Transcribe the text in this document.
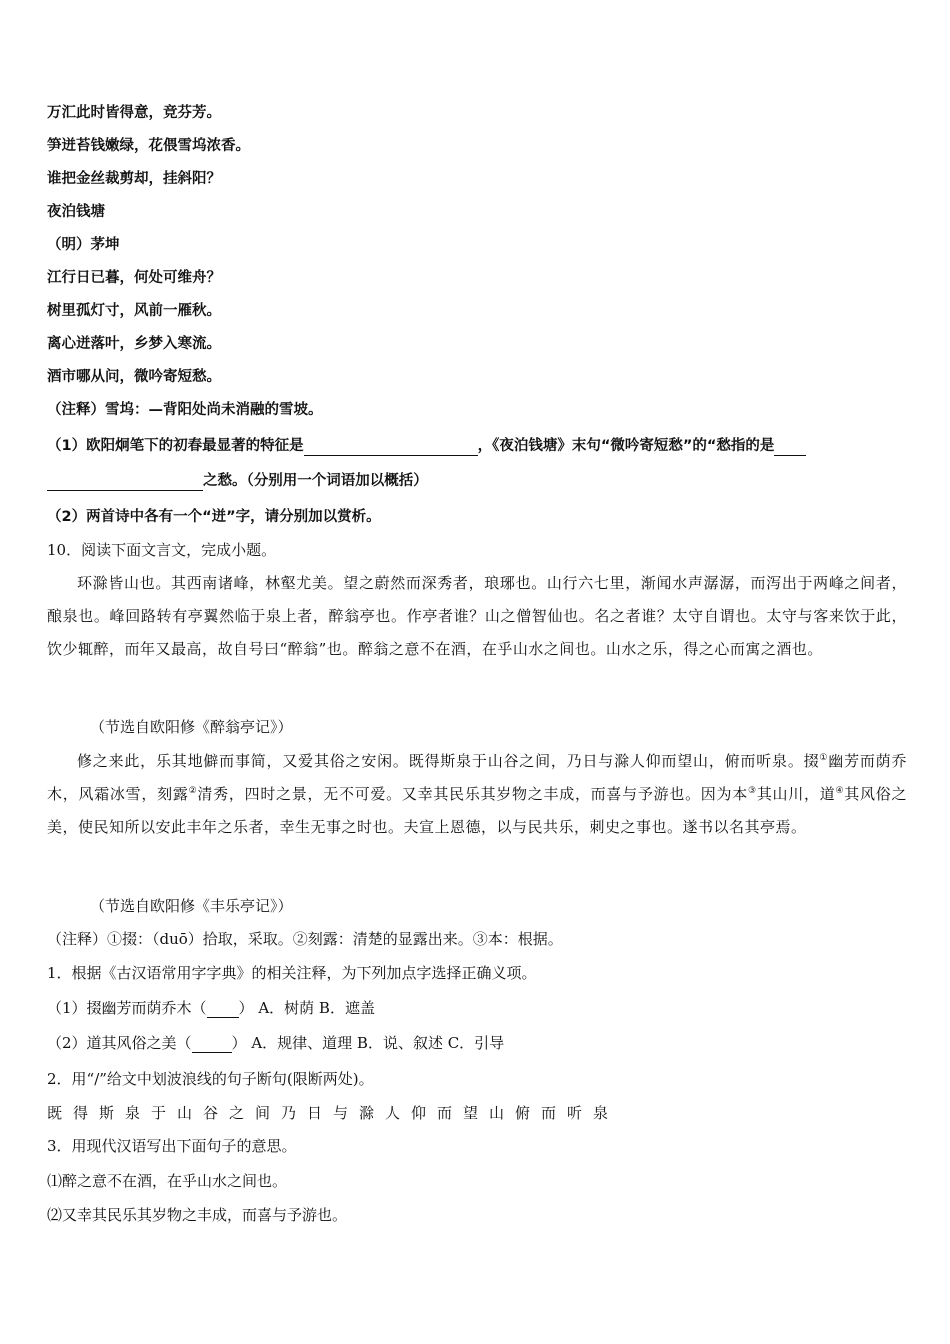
万汇此时皆得意，竞芬芳。
笋迸苔钱嫩绿，花偎雪坞浓香。
谁把金丝裁剪却，挂斜阳？
夜泊钱塘
（明）茅坤
江行日已暮，何处可维舟？
树里孤灯寸，风前一雁秋。
离心迸落叶，乡梦入寒流。
酒市哪从问，微吟寄短愁。
（注释）雪坞：—背阳处尚未消融的雪坡。
（1）欧阳炯笔下的初春最显著的特征是	，《夜泊钱塘》末句“微吟寄短愁”的“愁指的是
之愁。（分别用一个词语加以概括）
（2）两首诗中各有一个“迸”字，请分别加以赏析。
10．阅读下面文言文，完成小题。
环滁皆山也。其西南诸峰，林壑尤美。望之蔚然而深秀者，琅琊也。山行六七里，渐闻水声潺潺，而泻出于两峰之间者，酿泉也。峰回路转有亭翼然临于泉上者，醉翁亭也。作亭者谁？山之僧智仙也。名之者谁？太守自谓也。太守与客来饮于此，饮少辄醉，而年又最高，故自号曰“醉翁”也。醉翁之意不在酒，在乎山水之间也。山水之乐，得之心而寓之酒也。
（节选自欧阳修《醉翁亭记》）
修之来此，乐其地僻而事简，又爱其俗之安闲。既得斯泉于山谷之间，乃日与滁人仰而望山，俯而听泉。掇①幽芳而荫乔木，风霜冰雪，刻露②清秀，四时之景，无不可爱。又幸其民乐其岁物之丰成，而喜与予游也。因为本③其山川，道④其风俗之美，使民知所以安此丰年之乐者，幸生无事之时也。夫宣上恩德，以与民共乐，刺史之事也。遂书以名其亭焉。
（节选自欧阳修《丰乐亭记》）
（注释）①掇：（duō）拾取，采取。②刻露：清楚的显露出来。③本：根据。
1．根据《古汉语常用字字典》的相关注释，为下列加点字选择正确义项。
（1）掇幽芳而荫乔木（ ） A．树荫 B．遮盖
（2）道其风俗之美（	） A．规律、道理 B．说、叙述 C．引导
2．用“/”给文中划波浪线的句子断句(限断两处)。
既得斯泉于山谷之间乃日与滁人仰而望山俯而听泉
3．用现代汉语写出下面句子的意思。
⑴醉之意不在酒，在乎山水之间也。
⑵又幸其民乐其岁物之丰成，而喜与予游也。
